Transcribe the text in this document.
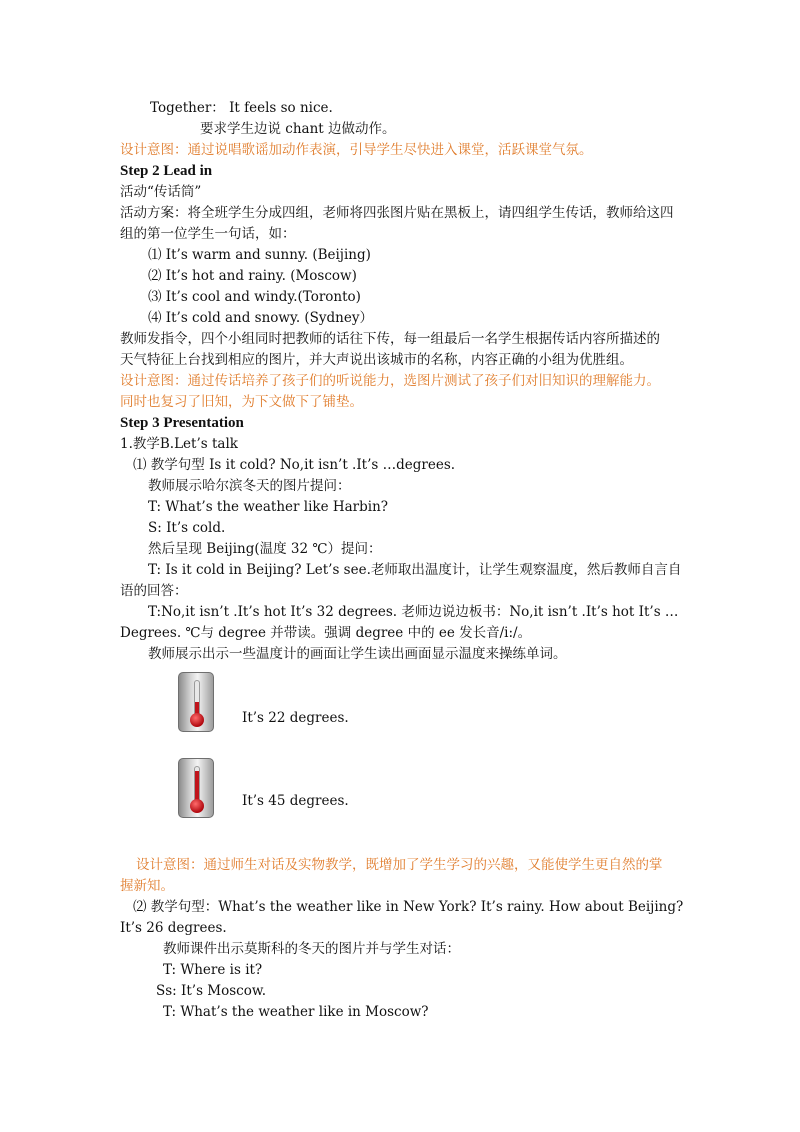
Together： It feels so nice.
要求学生边说 chant 边做动作。
设计意图：通过说唱歌谣加动作表演，引导学生尽快进入课堂，活跃课堂气氛。
Step 2 Lead in
活动“传话筒”
活动方案：将全班学生分成四组，老师将四张图片贴在黑板上，请四组学生传话，教师给这四
组的第一位学生一句话，如：
⑴ It’s warm and sunny. (Beijing)
⑵ It’s hot and rainy. (Moscow)
⑶ It’s cool and windy.(Toronto)
⑷ It’s cold and snowy. (Sydney）
教师发指令，四个小组同时把教师的话往下传，每一组最后一名学生根据传话内容所描述的
天气特征上台找到相应的图片，并大声说出该城市的名称，内容正确的小组为优胜组。
设计意图：通过传话培养了孩子们的听说能力，选图片测试了孩子们对旧知识的理解能力。
同时也复习了旧知，为下文做下了铺垫。
Step 3 Presentation
1.教学B.Let’s talk
⑴ 教学句型 Is it cold? No,it isn’t .It’s …degrees.
教师展示哈尔滨冬天的图片提问：
T: What’s the weather like Harbin?
S: It’s cold.
然后呈现 Beijing(温度 32 ℃）提问：
T: Is it cold in Beijing? Let’s see.老师取出温度计，让学生观察温度，然后教师自言自
语的回答：
T:No,it isn’t .It’s hot It’s 32 degrees. 老师边说边板书：No,it isn’t .It’s hot It’s …
Degrees. ℃与 degree 并带读。强调 degree 中的 ee 发长音/i:/。
教师展示出示一些温度计的画面让学生读出画面显示温度来操练单词。
It’s 22 degrees.
It’s 45 degrees.
设计意图：通过师生对话及实物教学，既增加了学生学习的兴趣，又能使学生更自然的掌
握新知。
⑵ 教学句型：What’s the weather like in New York? It’s rainy. How about Beijing?
It’s 26 degrees.
教师课件出示莫斯科的冬天的图片并与学生对话：
T: Where is it?
Ss: It’s Moscow.
T: What’s the weather like in Moscow?
